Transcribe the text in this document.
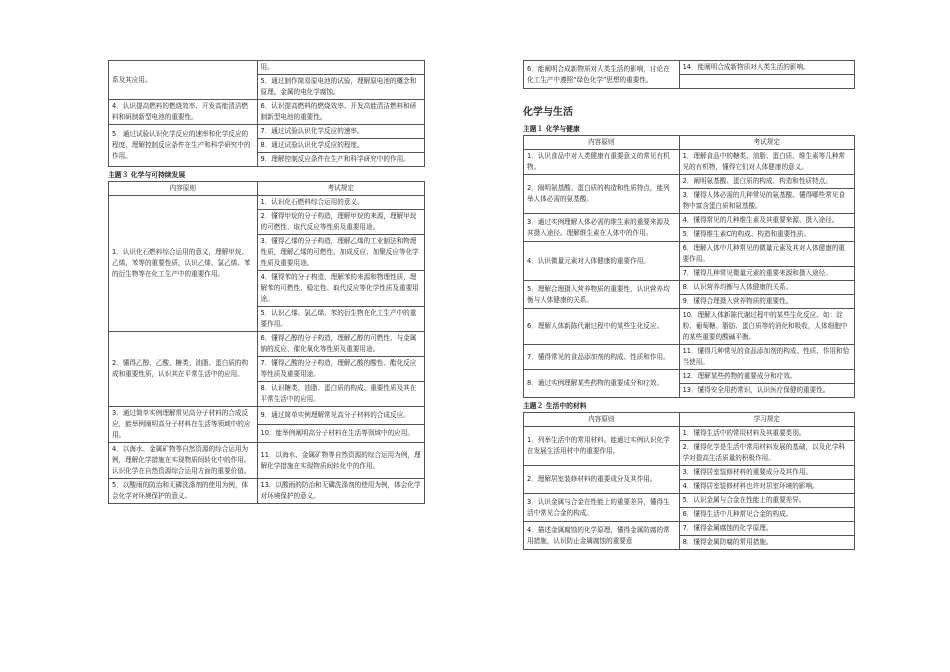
系及其应用。	用。
	5．通过制作简易原电池的试验，理解原电池的概念和原理。金属的电化学腐蚀。
4．认识提高燃料的燃烧效率、开发高能清洁燃料和研制新型电池的重要性。	6．认识提高燃料的燃烧效率、开发高能清洁燃料和研制新型电池的重要性。
5．通过试验认识化学反应的速率和化学反应的程度，理解控制反应条件在生产和科学研究中的作用。	7．通过试验认识化学反应的速率。
	8．通过试验认识化学反应的程度。
	9．理解控制反应条件在生产和科学研究中的作用。
主题３ 化学与可持续发展
内容原则	考试规定
1．认识化石燃料综合运用的意义，理解甲烷、乙烯、苯等的重要性质，认识乙烯、氯乙烯、苯的衍生物等在化工生产中的重要作用。	1．认识化石燃料综合运用的意义。
	2．懂得甲烷的分子构造，理解甲烷的来源，理解甲烷的可燃性、取代反应等性质及重要用途。
	3．懂得乙烯的分子构造，理解乙烯的工业制法和物理性质，理解乙烯的可燃性、加成反应、加聚反应等化学性质及重要用途。
	4．懂得苯的分子构造，理解苯的来源和物理性质，理解苯的可燃性、稳定性、取代反应等化学性质及重要用途。
	5．认识乙烯、氯乙烯、苯的衍生物在化工生产中的重要作用。
2．懂得乙醇、乙酸、糖类、油脂、蛋白质的构成和重要性质，认识其在平常生活中的应用。	6．懂得乙醇的分子构造，理解乙醇的可燃性、与金属钠的反应、催化氧化等性质及重要用途。
	7．懂得乙酸的分子构造，理解乙酸的酸性、酯化反应等性质及重要用途。
	8．认识糖类、油脂、蛋白质的构成、重要性质及其在平常生活中的应用。
3．通过简单实例理解常见高分子材料的合成反应，能举例阐明高分子材料在生活等领域中的应用。	9．通过简单实例理解常见高分子材料的合成反应。
	10．能举例阐明高分子材料在生活等领域中的应用。
4．以海水、金属矿物等自然资源的综合运用为例，理解化学措施在实现物质间转化中的作用。认识化学在自然资源综合运用方面的重要价值。	11．以海水、金属矿物等自然资源的综合运用为例，理解化学措施在实现物质间转化中的作用。
5．以酸雨的防治和无磷洗涤剂的使用为例，体会化学对环境保护的意义。	13．以酸雨的防治和无磷洗涤剂的使用为例，体会化学对环境保护的意义。
6．能阐明合成新物质对人类生活的影响，讨论在化工生产中遵照“绿色化学”思想的重要性。	14．能阐明合成新物质对人类生活的影响。

化学与生活
主题１ 化学与健康
内容原则	考试规定
1．认识食品中对人类健康有重要意义的常见有机物。	1．理解食品中的糖类、油脂、蛋白质、维生素等几种常见的有机物，懂得它们对人体健康的意义。
2．阐明氨基酸、蛋白质的构造和性质特点，能列举人体必需的氨基酸。	2．阐明氨基酸、蛋白质的构成、构造和性质特点。
	3．懂得人体必需的几种常见的氨基酸。懂得哪些常见食物中富含蛋白质和氨基酸。
3．通过实例理解人体必需的维生素的重要来源及其摄入途径。理解维生素在人体中的作用。	4．懂得常见的几种维生素及其重要来源、摄入途径。
	5．懂得维生素C的构成、构造和重要性质。
4．认识微量元素对人体健康的重要作用。	6．理解人体中几种常见的微量元素及其对人体健康的重要作用。
	7．懂得几种常见微量元素的重要来源和摄入途径。
5．理解合理摄入营养物质的重要性，认识营养均衡与人体健康的关系。	8．认识营养均衡与人体健康的关系。
	9．懂得合理摄入营养物质的重要性。
6．理解人体新陈代谢过程中的某些生化反应。	10．理解人体新陈代谢过程中的某些生化反应。如：淀粉、葡萄糖、脂肪、蛋白质等的消化和吸收，人体细胞中的某些重要的酸碱平衡。
7．懂得常见的食品添加剂的构成、性质和作用。	11．懂得几种常见的食品添加剂的构成、性质、作用和恰当使用。
8．通过实例理解某些药物的重要成分和疗效。	12．理解某些药物的重要成分和疗效。
	13．懂得安全用药常识，认识医疗保健的重要性。
主题２ 生活中的材料
内容原则	学习规定
1．列举生活中的常用材料。能通过实例认识化学在发展生活用材中的重要作用。	1．懂得生活中的常用材料及其重要类别。
	2．懂得化学是生活中常用材料发展的基础，以及化学科学对提高生活质量的积极作用。
2．理解居室装修材料的重要成分及其作用。	3．懂得居室装修材料的重要成分及其作用。
	4．懂得居室装修材料也许对居室环境的影响。
3．认识金属与合金在性能上的重要差异，懂得生活中常见合金的构成。	5．认识金属与合金在性能上的重要差异。
	6．懂得生活中几种常见合金的构成。
4．描述金属腐蚀的化学原理，懂得金属防腐的常用措施，认识防止金属腐蚀的重要意	7．懂得金属腐蚀的化学原理。
	8．懂得金属防腐的常用措施。
